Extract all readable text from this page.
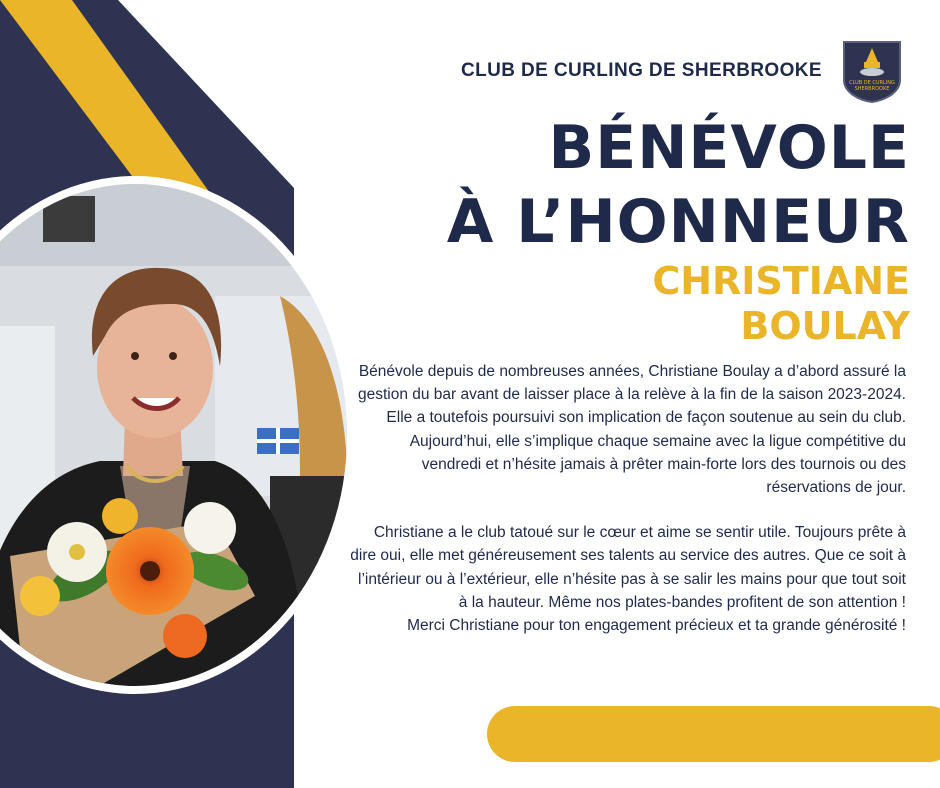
CLUB DE CURLING DE SHERBROOKE
CLUB DE CURLING
SHERBROOKE
BÉNÉVOLE
À L’HONNEUR
CHRISTIANE
BOULAY

Bénévole depuis de nombreuses années, Christiane Boulay a d’abord assuré la gestion du bar avant de laisser place à la relève à la fin de la saison 2023-2024. Elle a toutefois poursuivi son implication de façon soutenue au sein du club. Aujourd’hui, elle s’implique chaque semaine avec la ligue compétitive du vendredi et n’hésite jamais à prêter main-forte lors des tournois ou des réservations de jour.

Christiane a le club tatoué sur le cœur et aime se sentir utile. Toujours prête à dire oui, elle met généreusement ses talents au service des autres. Que ce soit à l’intérieur ou à l’extérieur, elle n’hésite pas à se salir les mains pour que tout soit à la hauteur. Même nos plates-bandes profitent de son attention !

Merci Christiane pour ton engagement précieux et ta grande générosité !
